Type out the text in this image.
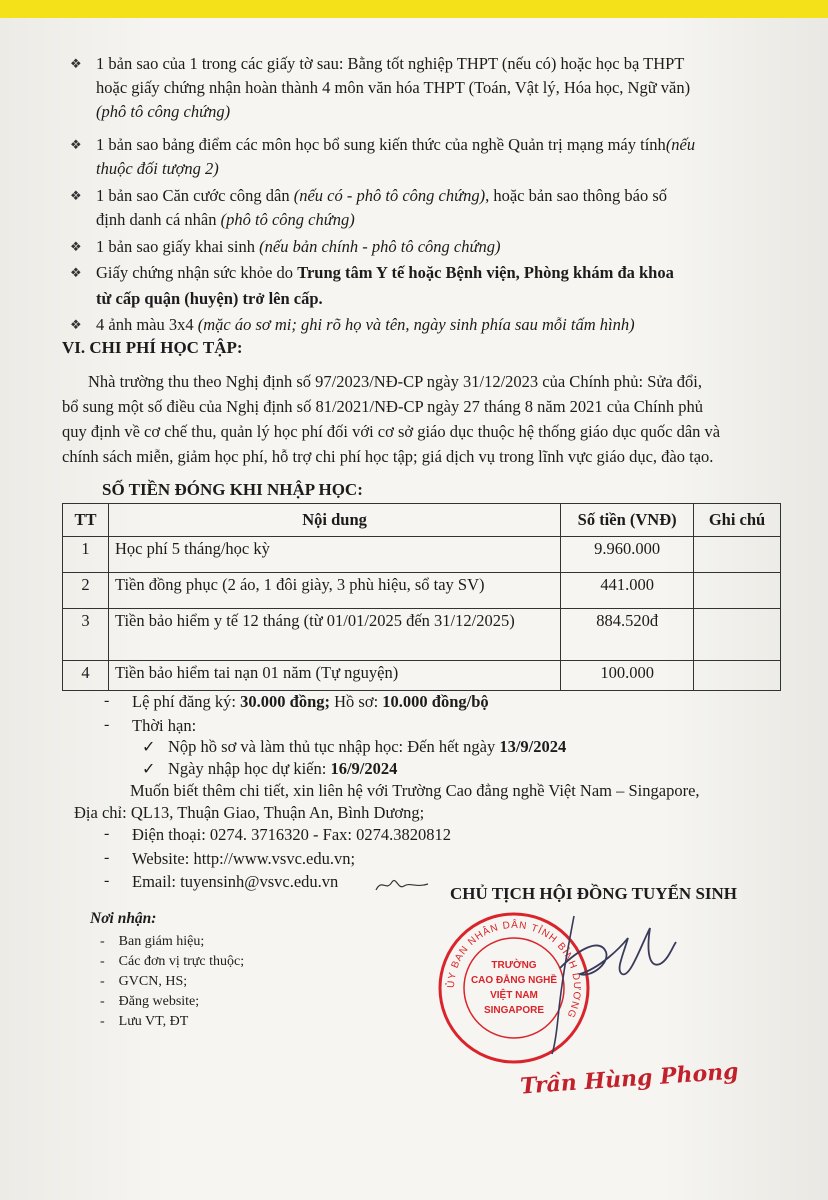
❖ 1 bản sao của 1 trong các giấy tờ sau: Bằng tốt nghiệp THPT (nếu có) hoặc học bạ THPT
hoặc giấy chứng nhận hoàn thành 4 môn văn hóa THPT (Toán, Vật lý, Hóa học, Ngữ văn)
(phô tô công chứng)
❖ 1 bản sao bảng điểm các môn học bổ sung kiến thức của nghề Quản trị mạng máy tính(nếu
thuộc đối tượng 2)
❖ 1 bản sao Căn cước công dân (nếu có - phô tô công chứng), hoặc bản sao thông báo số
định danh cá nhân (phô tô công chứng)
❖ 1 bản sao giấy khai sinh (nếu bản chính - phô tô công chứng)
❖ Giấy chứng nhận sức khỏe do Trung tâm Y tế hoặc Bệnh viện, Phòng khám đa khoa
từ cấp quận (huyện) trở lên cấp.
❖ 4 ảnh màu 3x4 (mặc áo sơ mi; ghi rõ họ và tên, ngày sinh phía sau mỗi tấm hình)
VI. CHI PHÍ HỌC TẬP:
Nhà trường thu theo Nghị định số 97/2023/NĐ-CP ngày 31/12/2023 của Chính phủ: Sửa đổi,
bổ sung một số điều của Nghị định số 81/2021/NĐ-CP ngày 27 tháng 8 năm 2021 của Chính phủ
quy định về cơ chế thu, quản lý học phí đối với cơ sở giáo dục thuộc hệ thống giáo dục quốc dân và
chính sách miễn, giảm học phí, hỗ trợ chi phí học tập; giá dịch vụ trong lĩnh vực giáo dục, đào tạo.
SỐ TIỀN ĐÓNG KHI NHẬP HỌC:
TT	Nội dung	Số tiền (VNĐ)	Ghi chú
1	Học phí 5 tháng/học kỳ	9.960.000	
2	Tiền đồng phục (2 áo, 1 đôi giày, 3 phù hiệu, sổ tay SV)	441.000	
3	Tiền bảo hiểm y tế 12 tháng (từ 01/01/2025 đến 31/12/2025)	884.520đ	
4	Tiền bảo hiểm tai nạn 01 năm (Tự nguyện)	100.000	
- Lệ phí đăng ký: 30.000 đồng; Hồ sơ: 10.000 đồng/bộ
- Thời hạn:
✓ Nộp hồ sơ và làm thủ tục nhập học: Đến hết ngày 13/9/2024
✓ Ngày nhập học dự kiến: 16/9/2024
Muốn biết thêm chi tiết, xin liên hệ với Trường Cao đẳng nghề Việt Nam – Singapore,
Địa chỉ: QL13, Thuận Giao, Thuận An, Bình Dương;
- Điện thoại: 0274. 3716320 - Fax: 0274.3820812
- Website: http://www.vsvc.edu.vn;
- Email: tuyensinh@vsvc.edu.vn
Nơi nhận:
-    Ban giám hiệu;
-    Các đơn vị trực thuộc;
-    GVCN, HS;
-    Đăng website;
-    Lưu VT, ĐT
CHỦ TỊCH HỘI ĐỒNG TUYỂN SINH
ỦY BAN NHÂN DÂN TỈNH BÌNH DƯƠNG
TRƯỜNG
CAO ĐẲNG NGHỀ
VIỆT NAM
SINGAPORE
Trần Hùng Phong
